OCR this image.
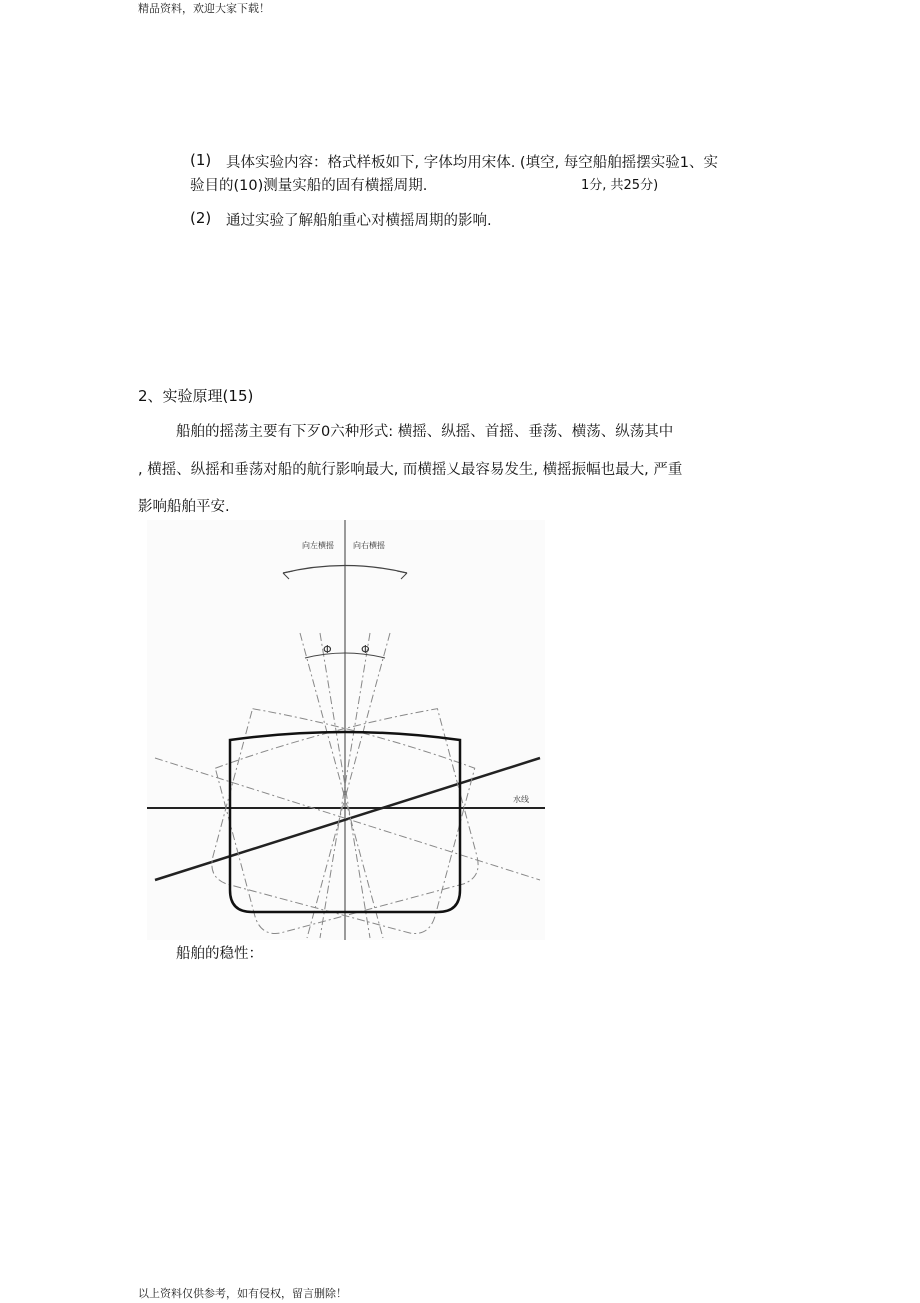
精品资料，欢迎大家下载！
(1) 具体实验内容：格式样板如下, 字体均用宋体. (填空, 每空船舶摇摆实验1、实
验目的(10)测量实船的固有横摇周期.	1分, 共25分)
(2) 通过实验了解船舶重心对横摇周期的影响.
2、实验原理(15)
船舶的摇荡主要有下歹0六种形式: 横摇、纵摇、首摇、垂荡、横荡、纵荡其中
, 横摇、纵摇和垂荡对船的航行影响最大, 而横摇乂最容易发生, 横摇振幅也最大, 严重
影响船舶平安.
Φ	Φ
向左横摇 向右横摇
水线
船舶的稳性：
以上资料仅供参考，如有侵权，留言删除！
